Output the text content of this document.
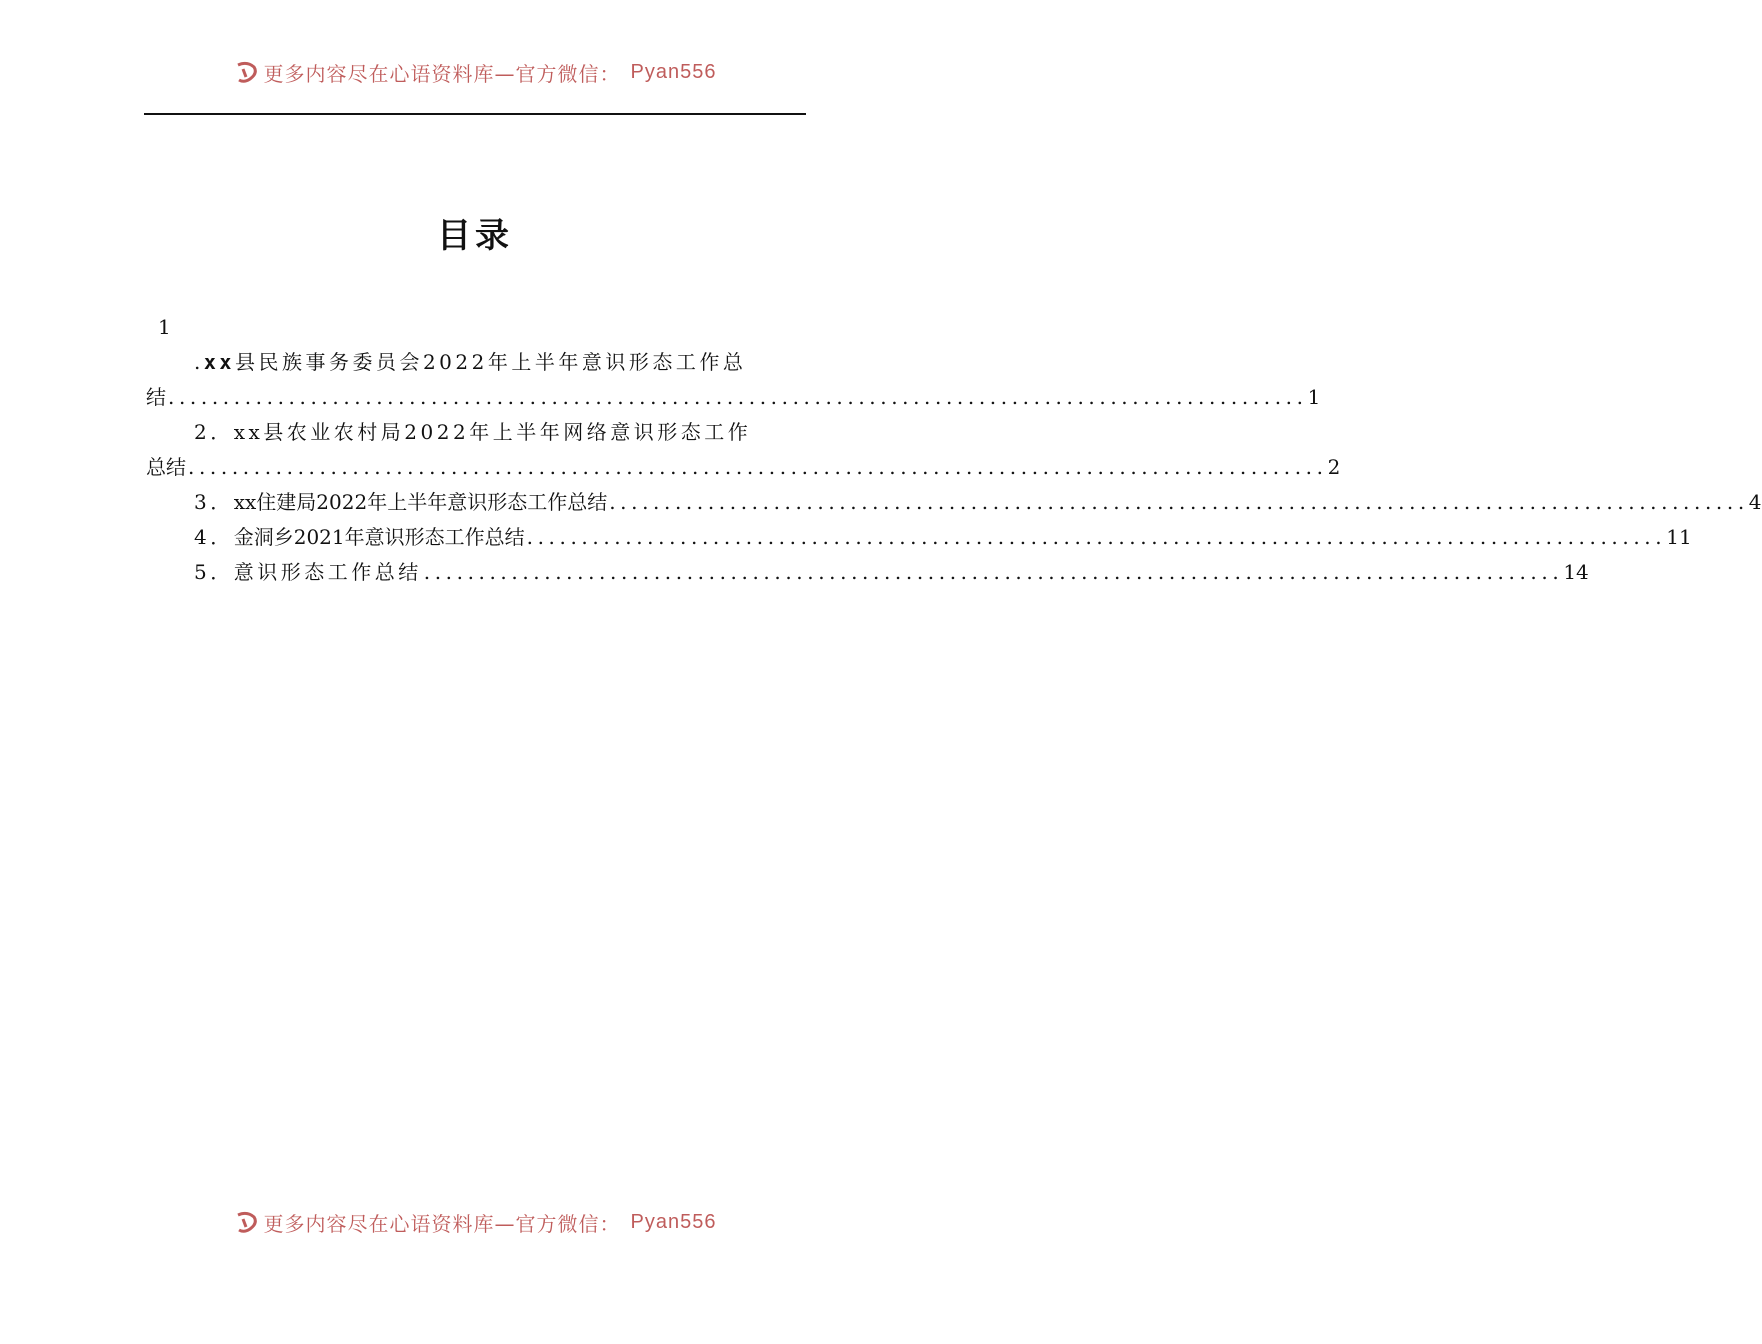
更多内容尽在心语资料库—官方微信： Pyan556
目录
1
. xx 县民族事务委员会2022年上半年意识形态工作总
结 ........................................................................................................ 1
2． xx县农业农村局2022年上半年网络意识形态工作
总结 ........................................................................................................ 2
3． xx住建局2022年上半年意识形态工作总结 ........................................................................................................ 4
4． 金洞乡2021年意识形态工作总结 ........................................................................................................ 11
5． 意识形态工作总结 ........................................................................................................ 14
更多内容尽在心语资料库—官方微信： Pyan556
